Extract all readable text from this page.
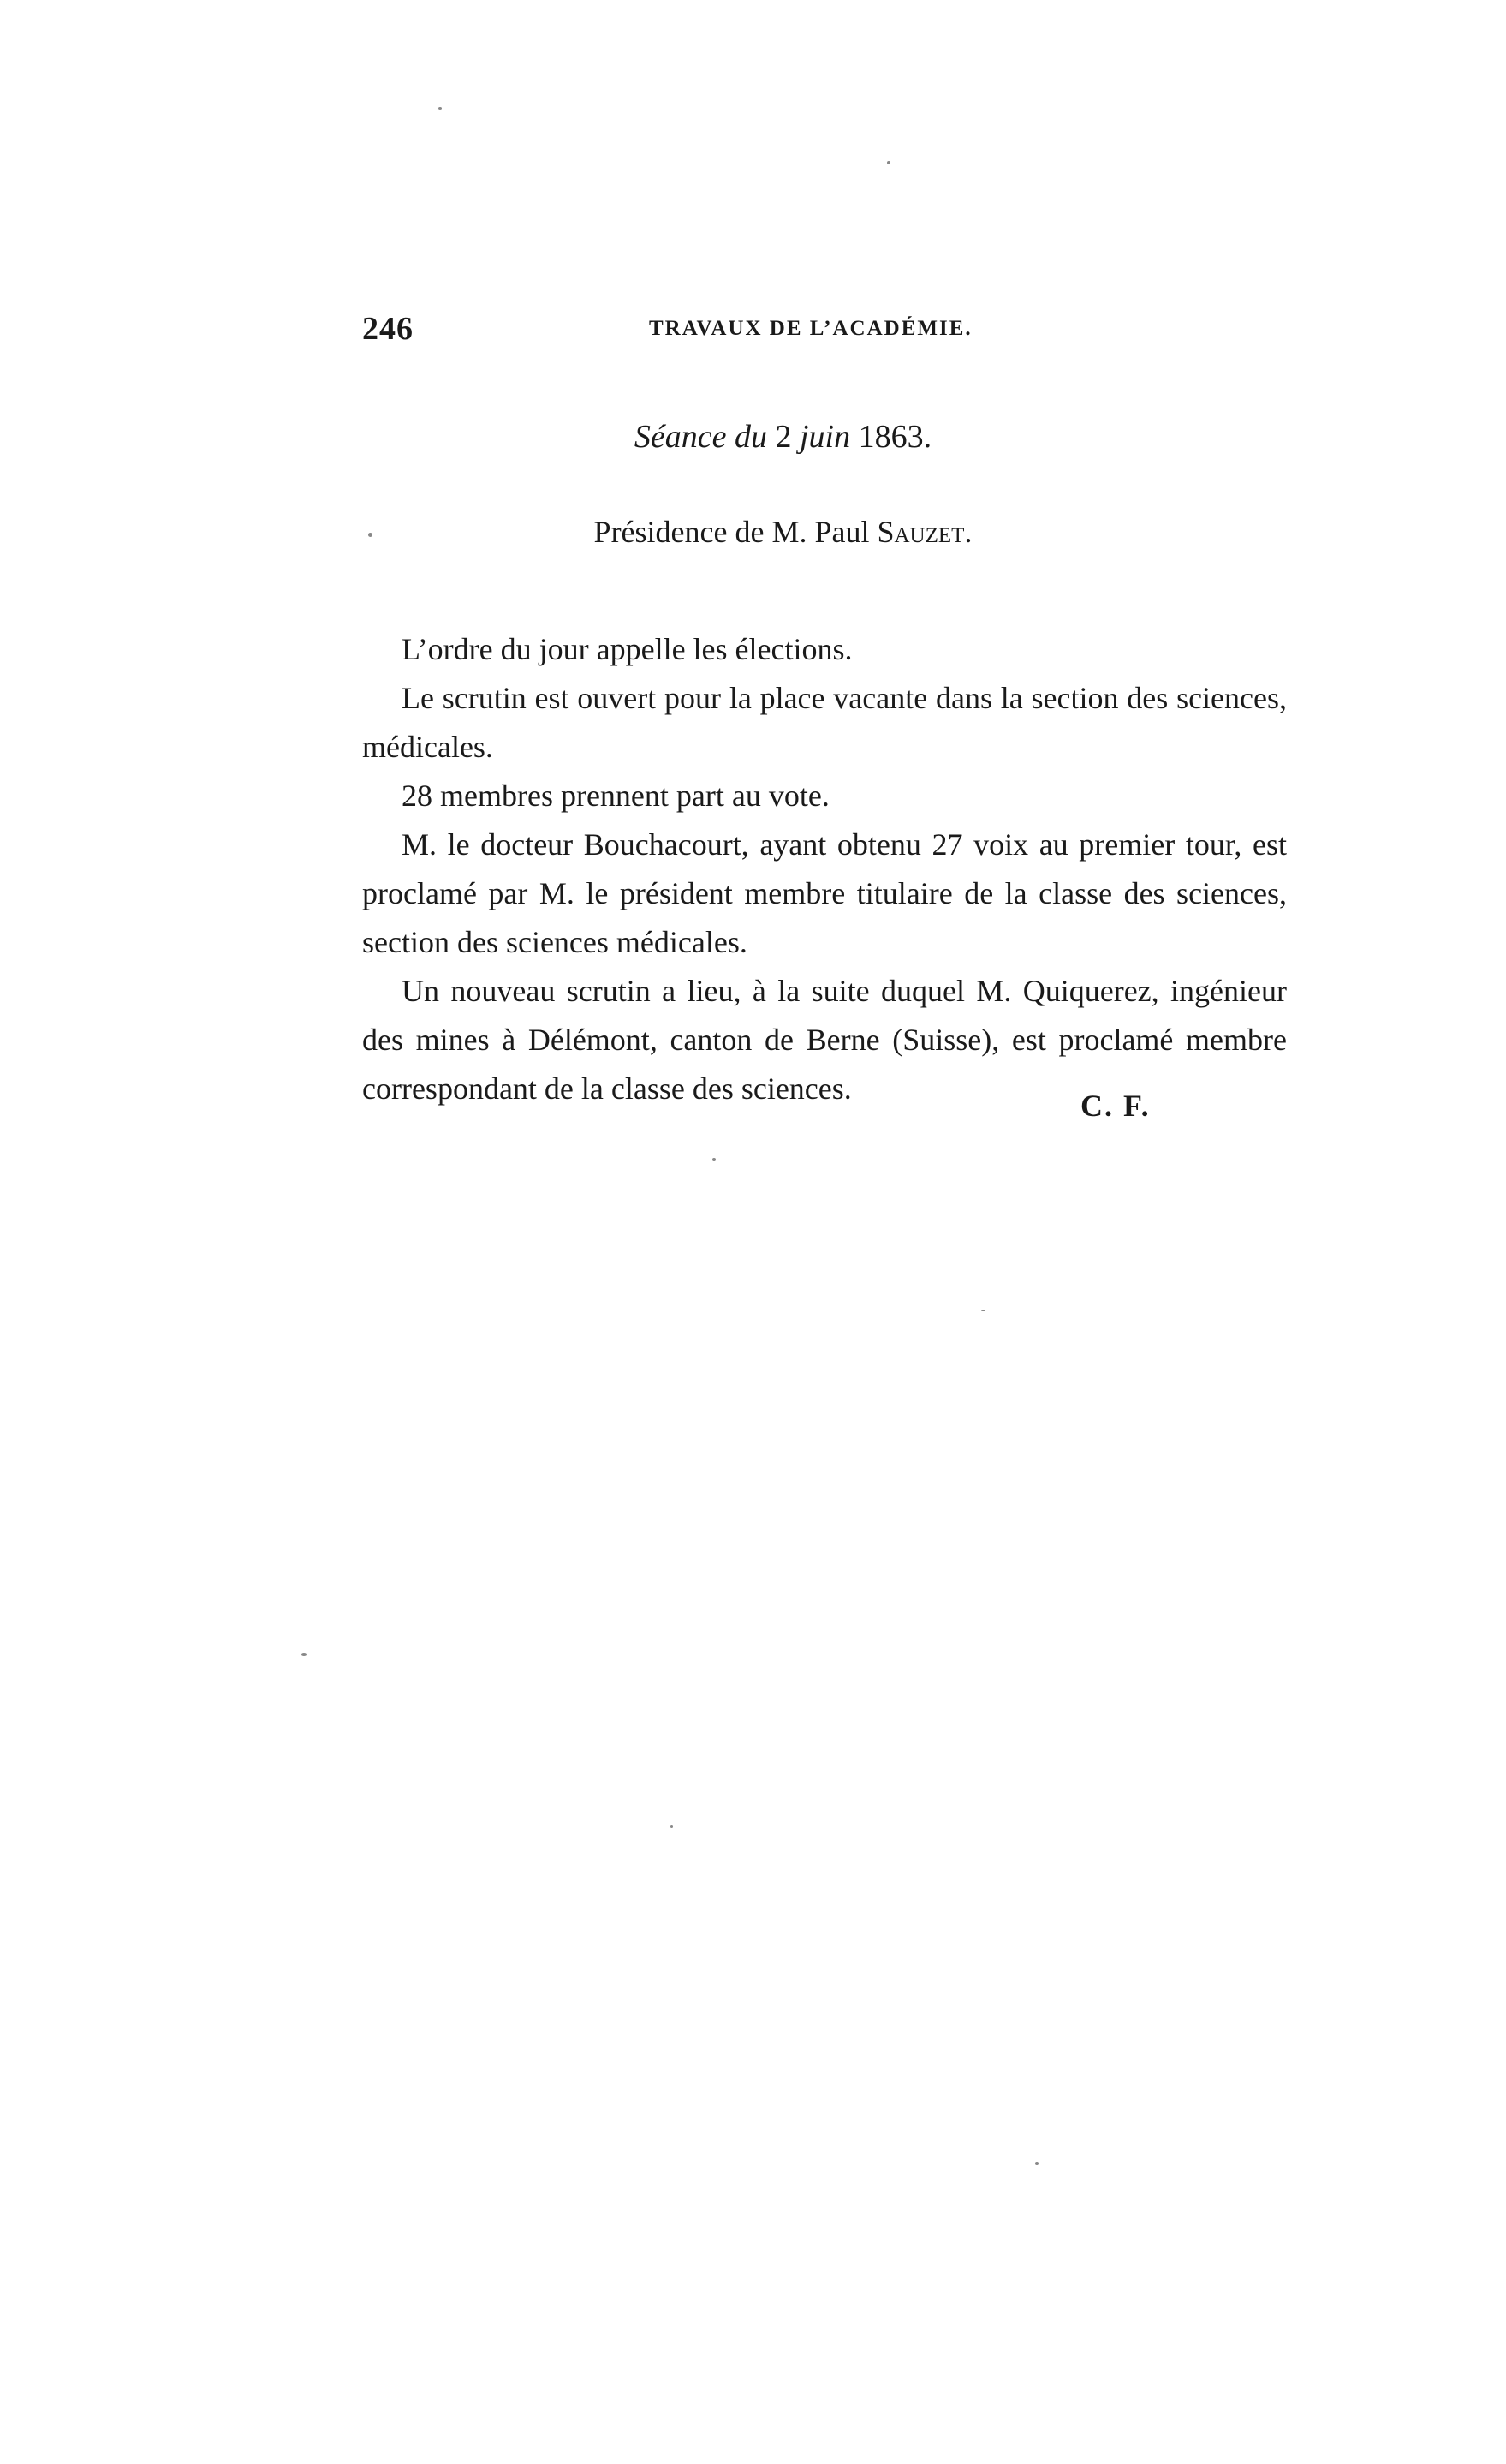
246	TRAVAUX DE L’ACADÉMIE.
Séance du 2 juin 1863.
Présidence de M. Paul Sauzet.

L’ordre du jour appelle les élections.

Le scrutin est ouvert pour la place vacante dans la section des sciences, médicales.

28 membres prennent part au vote.

M. le docteur Bouchacourt, ayant obtenu 27 voix au premier tour, est proclamé par M. le président membre titulaire de la classe des sciences, section des sciences médicales.

Un nouveau scrutin a lieu, à la suite duquel M. Quiquerez, ingénieur des mines à Délémont, canton de Berne (Suisse), est proclamé membre correspondant de la classe des sciences.	C. F.
